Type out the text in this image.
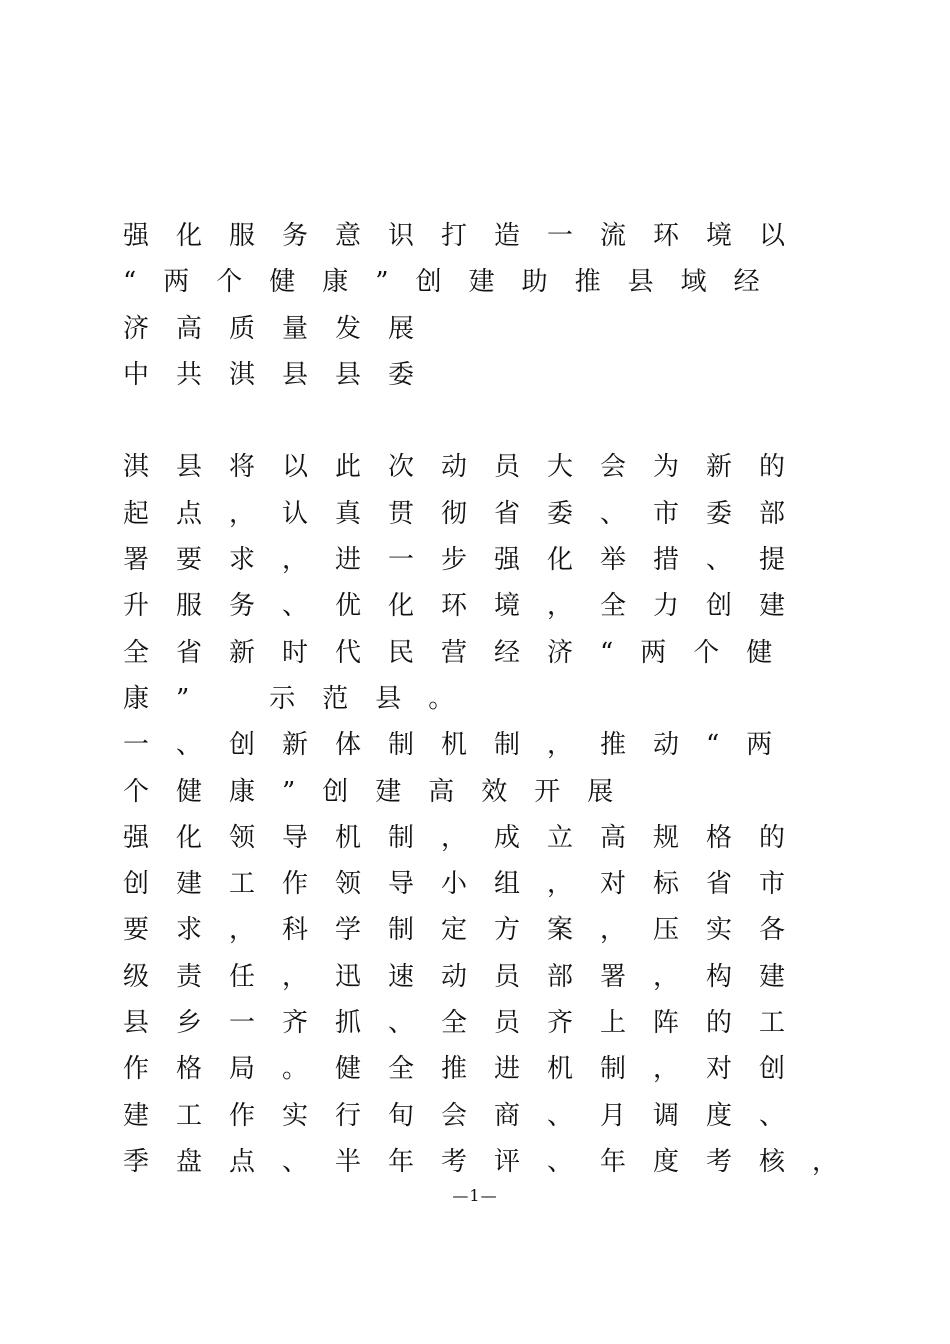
强化服务意识打造一流环境以
“两个健康”创建助推县域经
济高质量发展
中共淇县县委
淇县将以此次动员大会为新的
起点，认真贯彻省委、市委部
署要求，进一步强化举措、提
升服务、优化环境，全力创建
全省新时代民营经济“两个健
康”　示范县。
一、创新体制机制，推动“两
个健康”创建高效开展
强化领导机制，成立高规格的
创建工作领导小组，对标省市
要求，科学制定方案，压实各
级责任，迅速动员部署，构建
县乡一齐抓、全员齐上阵的工
作格局。健全推进机制，对创
建工作实行旬会商、月调度、
季盘点、半年考评、年度考核，
—1—
